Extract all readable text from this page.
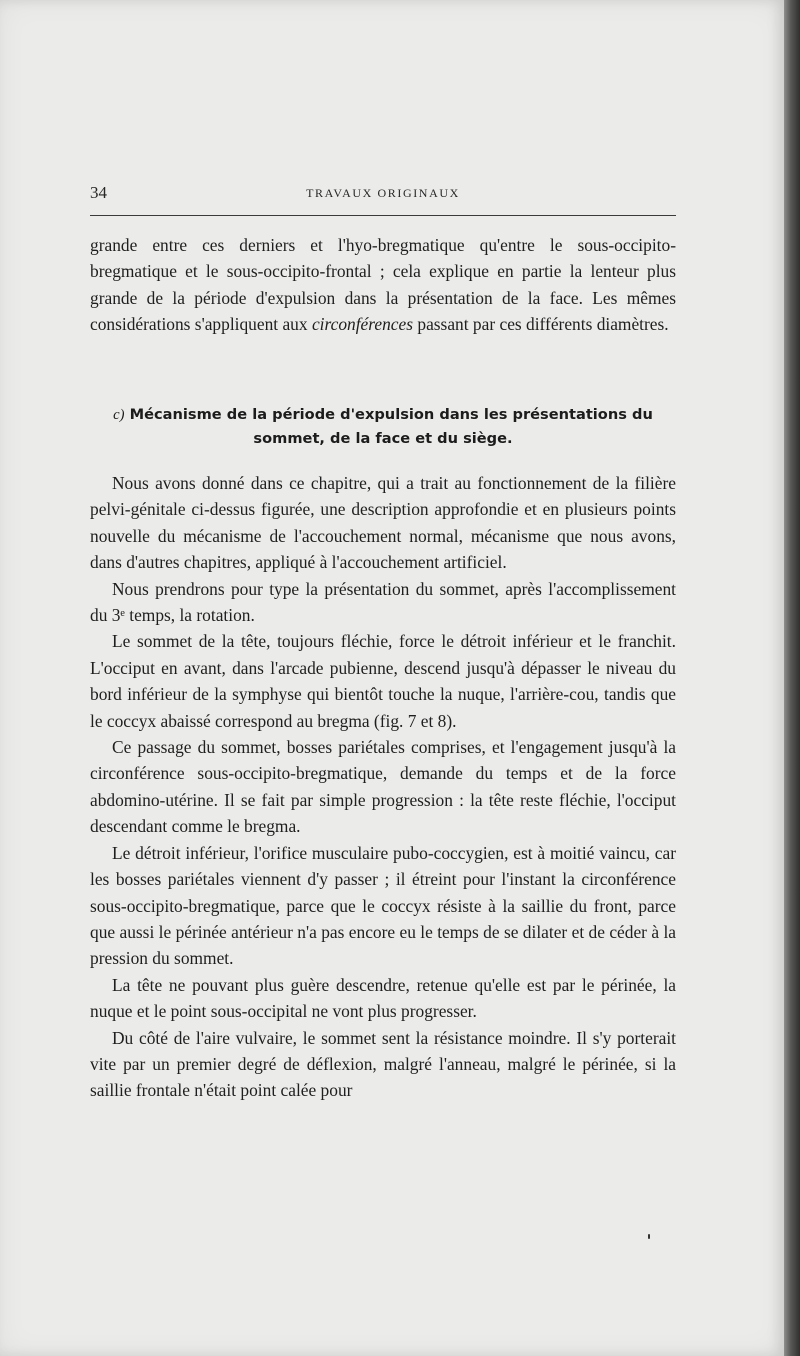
34	TRAVAUX ORIGINAUX

grande entre ces derniers et l'hyo-bregmatique qu'entre le sous-occipito-bregmatique et le sous-occipito-frontal ; cela explique en partie la lenteur plus grande de la période d'expulsion dans la présentation de la face. Les mêmes considérations s'appliquent aux circonférences passant par ces différents diamètres.

c) Mécanisme de la période d'expulsion dans les présentations du sommet, de la face et du siège.

Nous avons donné dans ce chapitre, qui a trait au fonctionnement de la filière pelvi-génitale ci-dessus figurée, une description approfondie et en plusieurs points nouvelle du mécanisme de l'accouchement normal, mécanisme que nous avons, dans d'autres chapitres, appliqué à l'accouchement artificiel.

Nous prendrons pour type la présentation du sommet, après l'accomplissement du 3ᵉ temps, la rotation.

Le sommet de la tête, toujours fléchie, force le détroit inférieur et le franchit. L'occiput en avant, dans l'arcade pubienne, descend jusqu'à dépasser le niveau du bord inférieur de la symphyse qui bientôt touche la nuque, l'arrière-cou, tandis que le coccyx abaissé correspond au bregma (fig. 7 et 8).

Ce passage du sommet, bosses pariétales comprises, et l'engagement jusqu'à la circonférence sous-occipito-bregmatique, demande du temps et de la force abdomino-utérine. Il se fait par simple progression : la tête reste fléchie, l'occiput descendant comme le bregma.

Le détroit inférieur, l'orifice musculaire pubo-coccygien, est à moitié vaincu, car les bosses pariétales viennent d'y passer ; il étreint pour l'instant la circonférence sous-occipito-bregmatique, parce que le coccyx résiste à la saillie du front, parce que aussi le périnée antérieur n'a pas encore eu le temps de se dilater et de céder à la pression du sommet.

La tête ne pouvant plus guère descendre, retenue qu'elle est par le périnée, la nuque et le point sous-occipital ne vont plus progresser.

Du côté de l'aire vulvaire, le sommet sent la résistance moindre. Il s'y porterait vite par un premier degré de déflexion, malgré l'anneau, malgré le périnée, si la saillie frontale n'était point calée pour
